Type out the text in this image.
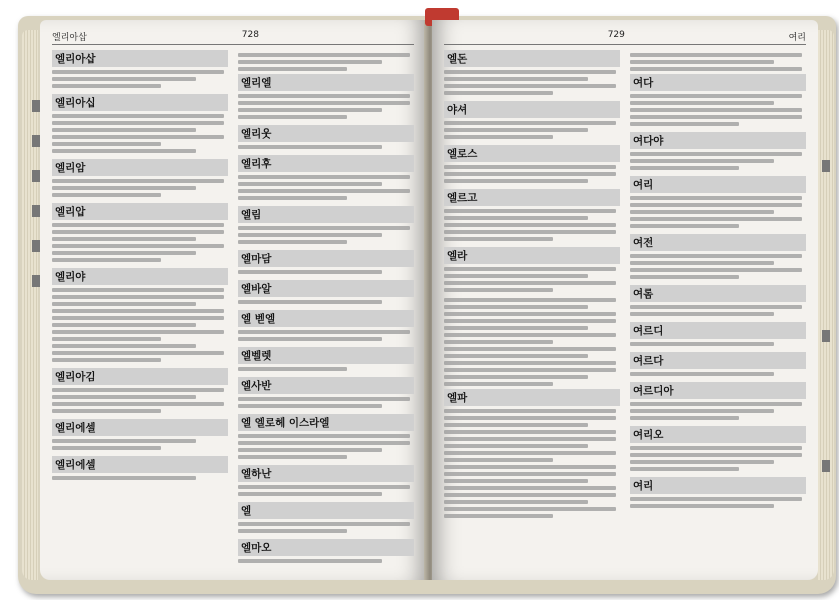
엘리아삽	728
엘리아삽
엘리아십
엘리암
엘리압
엘리야
엘리아김
엘리에셀
엘리에셀
엘리엘
엘리웃
엘리후
엘림
엘마담
엘바알
엘 벧엘
엘벨렛
엘사반
엘 엘로헤 이스라엘
엘하난
엘
엘마오
729	여리
엘돈
야셔
엘로스
엘르고
엘라
엘파
여다
여다야
여리
여전
여롬
여르디
여르다
여르디아
여리오
여리
